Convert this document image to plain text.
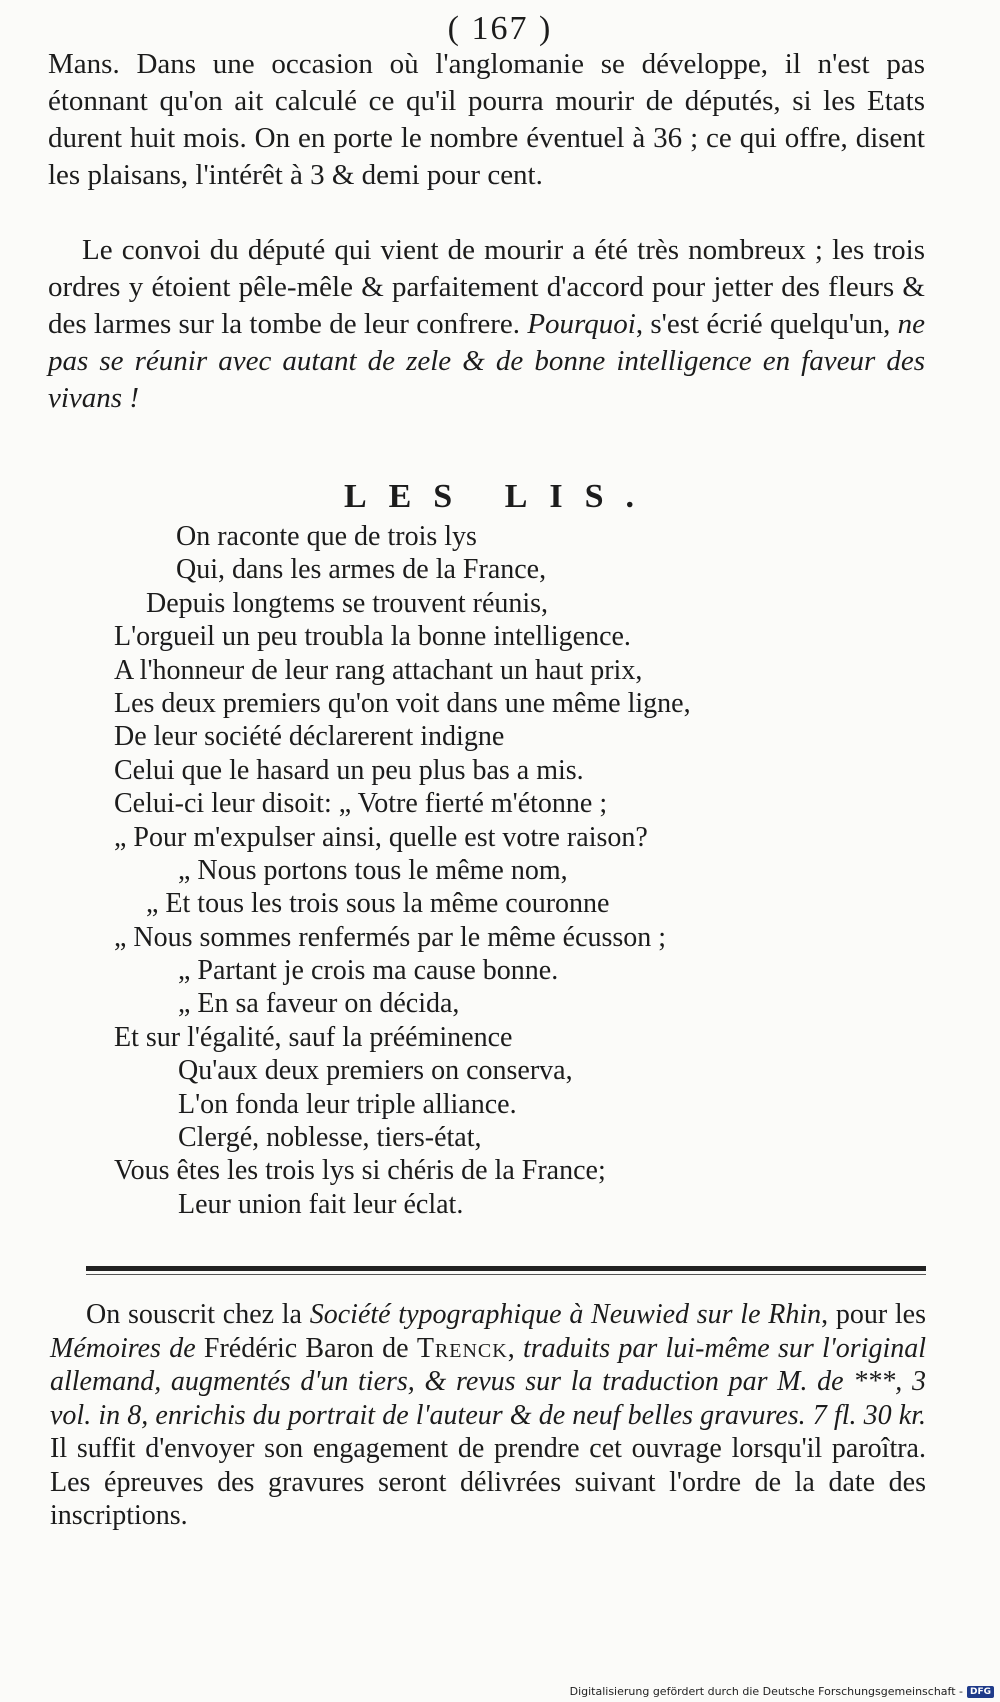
( 167 )

Mans. Dans une occasion où l'anglomanie se développe, il n'est pas étonnant qu'on ait calculé ce qu'il pourra mourir de députés, si les Etats durent huit mois. On en porte le nombre éventuel à 36 ; ce qui offre, disent les plaisans, l'intérêt à 3 & demi pour cent.

Le convoi du député qui vient de mourir a été très nombreux ; les trois ordres y étoient pêle-mêle & parfaitement d'accord pour jetter des fleurs & des larmes sur la tombe de leur confrere. Pourquoi, s'est écrié quelqu'un, ne pas se réunir avec autant de zele & de bonne intelligence en faveur des vivans !

LES LIS.
On raconte que de trois lys
Qui, dans les armes de la France,
Depuis longtems se trouvent réunis,
L'orgueil un peu troubla la bonne intelligence.
A l'honneur de leur rang attachant un haut prix,
Les deux premiers qu'on voit dans une même ligne,
De leur société déclarerent indigne
Celui que le hasard un peu plus bas a mis.
Celui-ci leur disoit: „ Votre fierté m'étonne ;
„ Pour m'expulser ainsi, quelle est votre raison?
„ Nous portons tous le même nom,
„ Et tous les trois sous la même couronne
„ Nous sommes renfermés par le même écusson ;
„ Partant je crois ma cause bonne.
„ En sa faveur on décida,
Et sur l'égalité, sauf la prééminence
Qu'aux deux premiers on conserva,
L'on fonda leur triple alliance.
Clergé, noblesse, tiers-état,
Vous êtes les trois lys si chéris de la France;
Leur union fait leur éclat.

On souscrit chez la Société typographique à Neuwied sur le Rhin, pour les Mémoires de Frédéric Baron de Trenck, traduits par lui-même sur l'original allemand, augmentés d'un tiers, & revus sur la traduction par M. de ***, 3 vol. in 8, enrichis du portrait de l'auteur & de neuf belles gravures. 7 fl. 30 kr. Il suffit d'envoyer son engagement de prendre cet ouvrage lorsqu'il paroîtra. Les épreuves des gravures seront délivrées suivant l'ordre de la date des inscriptions.

Digitalisierung gefördert durch die Deutsche Forschungsgemeinschaft - DFG
